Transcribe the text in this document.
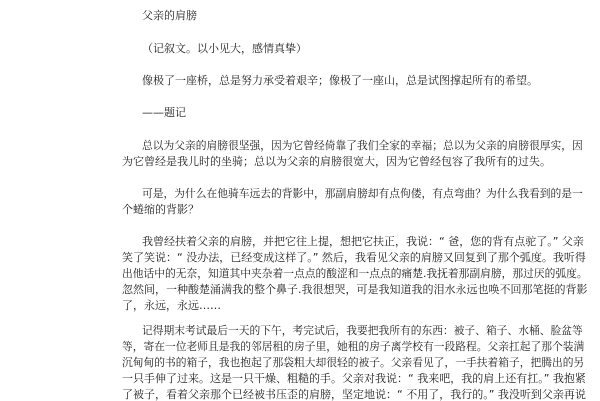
父亲的肩膀

（记叙文。以小见大，感情真挚）

像极了一座桥，总是努力承受着艰辛；像极了一座山，总是试图撑起所有的希望。

——题记

总以为父亲的肩膀很坚强，因为它曾经倚靠了我们全家的幸福；总以为父亲的肩膀很厚实，因

为它曾经是我儿时的坐骑；总以为父亲的肩膀很宽大，因为它曾经包容了我所有的过失。

可是，为什么在他骑车远去的背影中，那副肩膀却有点佝偻，有点弯曲？为什么我看到的是一

个蜷缩的背影？

我曾经扶着父亲的肩膀，并把它往上提，想把它扶正，我说：“ 爸，您的背有点驼了。” 父亲

笑了笑说：“ 没办法，已经变成这样了。” 然后，我看见父亲的肩膀又回复到了那个弧度。我听得

出他话中的无奈，知道其中夹杂着一点点的酸涩和一点点的痛楚.我抚着那副肩膀，那过厌的弧度。

忽然间，一种酸楚涌满我的整个鼻子.我很想哭，可是我知道我的泪水永远也唤不回那笔挺的背影

了，永远，永远……

记得期末考试最后一天的下午，考完试后，我要把我所有的东西：被子、箱子、水桶、脸盆等

等，寄在一位老师且是我的邻居租的房子里，她租的房子离学校有一段路程。父亲扛起了那个装满

沉甸甸的书的箱子，我也抱起了那袋粗大却很轻的被子。父亲看见了，一手扶着箱子，把腾出的另

一只手伸了过来。这是一只干燥、粗糙的手。父亲对我说：“ 我来吧，我的肩上还有扛。” 我抱紧

了被子，看着父亲那个已经被书压歪的肩膀，坚定地说：“ 不用了，我行的。” 我没听到父亲再说
